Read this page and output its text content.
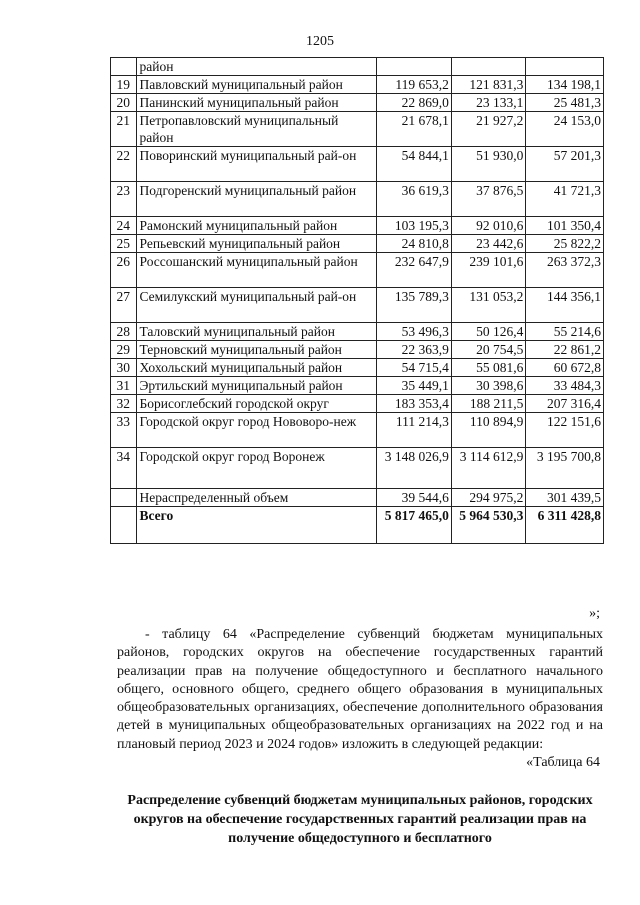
1205
	район			
19	Павловский муниципальный район	119 653,2	121 831,3	134 198,1
20	Панинский муниципальный район	22 869,0	23 133,1	25 481,3
21	Петропавловский муниципальный район	21 678,1	21 927,2	24 153,0
22	Поворинский муниципальный рай-он	54 844,1	51 930,0	57 201,3
23	Подгоренский муниципальный район	36 619,3	37 876,5	41 721,3
24	Рамонский муниципальный район	103 195,3	92 010,6	101 350,4
25	Репьевский муниципальный район	24 810,8	23 442,6	25 822,2
26	Россошанский муниципальный район	232 647,9	239 101,6	263 372,3
27	Семилукский муниципальный рай-он	135 789,3	131 053,2	144 356,1
28	Таловский муниципальный район	53 496,3	50 126,4	55 214,6
29	Терновский муниципальный район	22 363,9	20 754,5	22 861,2
30	Хохольский муниципальный район	54 715,4	55 081,6	60 672,8
31	Эртильский муниципальный район	35 449,1	30 398,6	33 484,3
32	Борисоглебский городской округ	183 353,4	188 211,5	207 316,4
33	Городской округ город Нововоро-неж	111 214,3	110 894,9	122 151,6
34	Городской округ город Воронеж	3 148 026,9	3 114 612,9	3 195 700,8
	Нераспределенный объем	39 544,6	294 975,2	301 439,5
	Всего	5 817 465,0	5 964 530,3	6 311 428,8
»;
- таблицу 64 «Распределение субвенций бюджетам муниципальных районов, городских округов на обеспечение государственных гарантий реализации прав на получение общедоступного и бесплатного начального общего, основного общего, среднего общего образования в муниципальных общеобразовательных организациях, обеспечение дополнительного образования детей в муниципальных общеобразовательных организациях на 2022 год и на плановый период 2023 и 2024 годов» изложить в следующей редакции:
«Таблица 64
Распределение субвенций бюджетам муниципальных районов, городских округов на обеспечение государственных гарантий реализации прав на получение общедоступного и бесплатного
